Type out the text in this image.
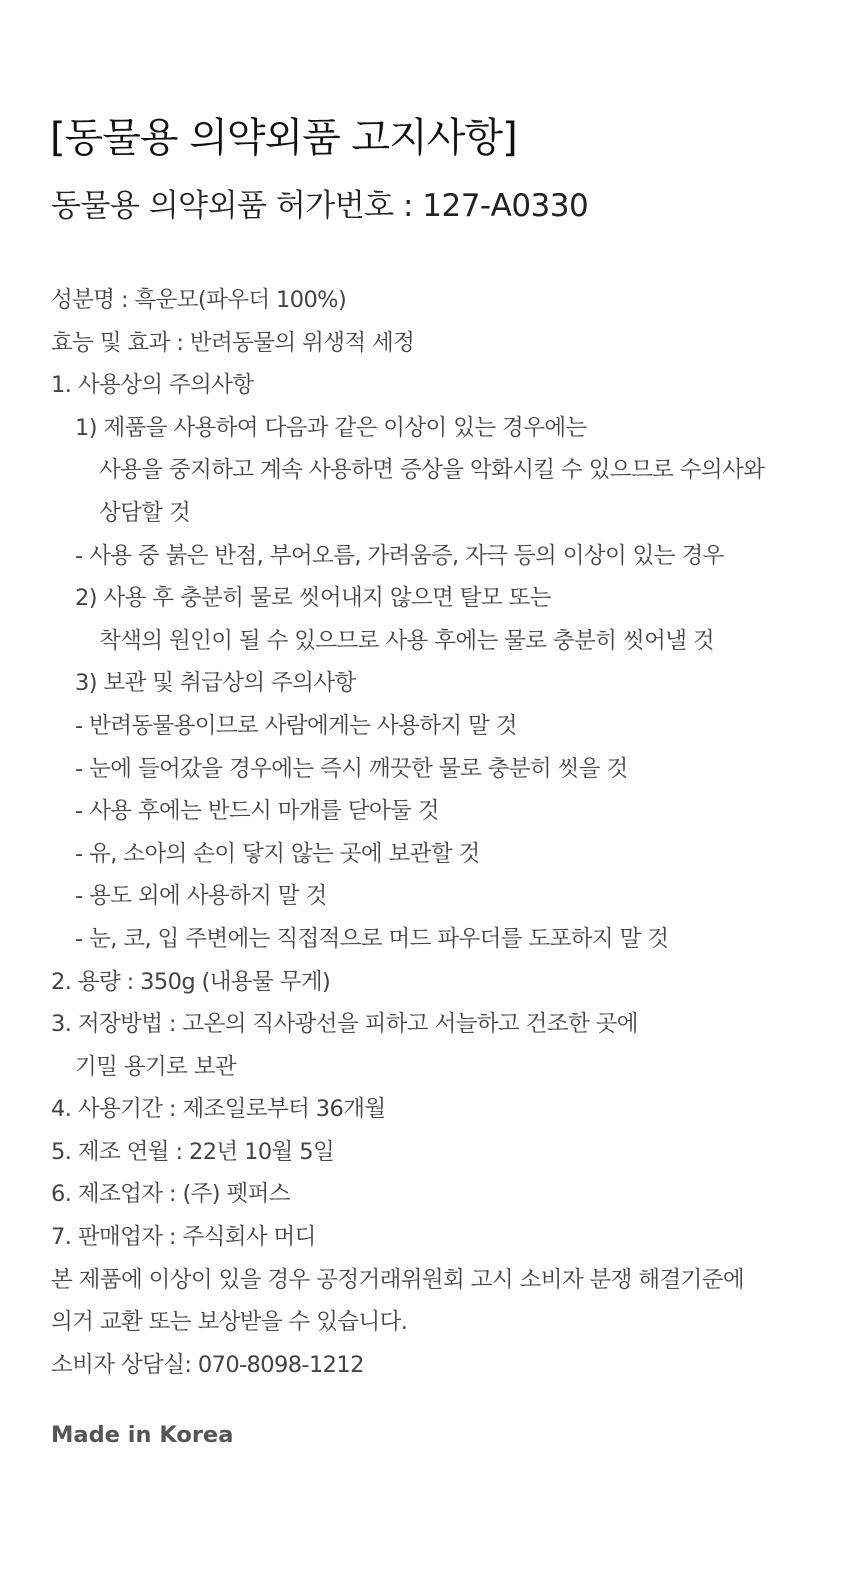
[동물용 의약외품 고지사항]
동물용 의약외품 허가번호 : 127-A0330
성분명 : 흑운모(파우더 100%)
효능 및 효과 : 반려동물의 위생적 세정
1. 사용상의 주의사항
1) 제품을 사용하여 다음과 같은 이상이 있는 경우에는
사용을 중지하고 계속 사용하면 증상을 악화시킬 수 있으므로 수의사와
상담할 것
- 사용 중 붉은 반점, 부어오름, 가려움증, 자극 등의 이상이 있는 경우
2) 사용 후 충분히 물로 씻어내지 않으면 탈모 또는
착색의 원인이 될 수 있으므로 사용 후에는 물로 충분히 씻어낼 것
3) 보관 및 취급상의 주의사항
- 반려동물용이므로 사람에게는 사용하지 말 것
- 눈에 들어갔을 경우에는 즉시 깨끗한 물로 충분히 씻을 것
- 사용 후에는 반드시 마개를 닫아둘 것
- 유, 소아의 손이 닿지 않는 곳에 보관할 것
- 용도 외에 사용하지 말 것
- 눈, 코, 입 주변에는 직접적으로 머드 파우더를 도포하지 말 것
2. 용량 : 350g (내용물 무게)
3. 저장방법 : 고온의 직사광선을 피하고 서늘하고 건조한 곳에
기밀 용기로 보관
4. 사용기간 : 제조일로부터 36개월
5. 제조 연월 : 22년 10월 5일
6. 제조업자 : (주) 펫퍼스
7. 판매업자 : 주식회사 머디
본 제품에 이상이 있을 경우 공정거래위원회 고시 소비자 분쟁 해결기준에
의거 교환 또는 보상받을 수 있습니다.
소비자 상담실: 070-8098-1212
Made in Korea
